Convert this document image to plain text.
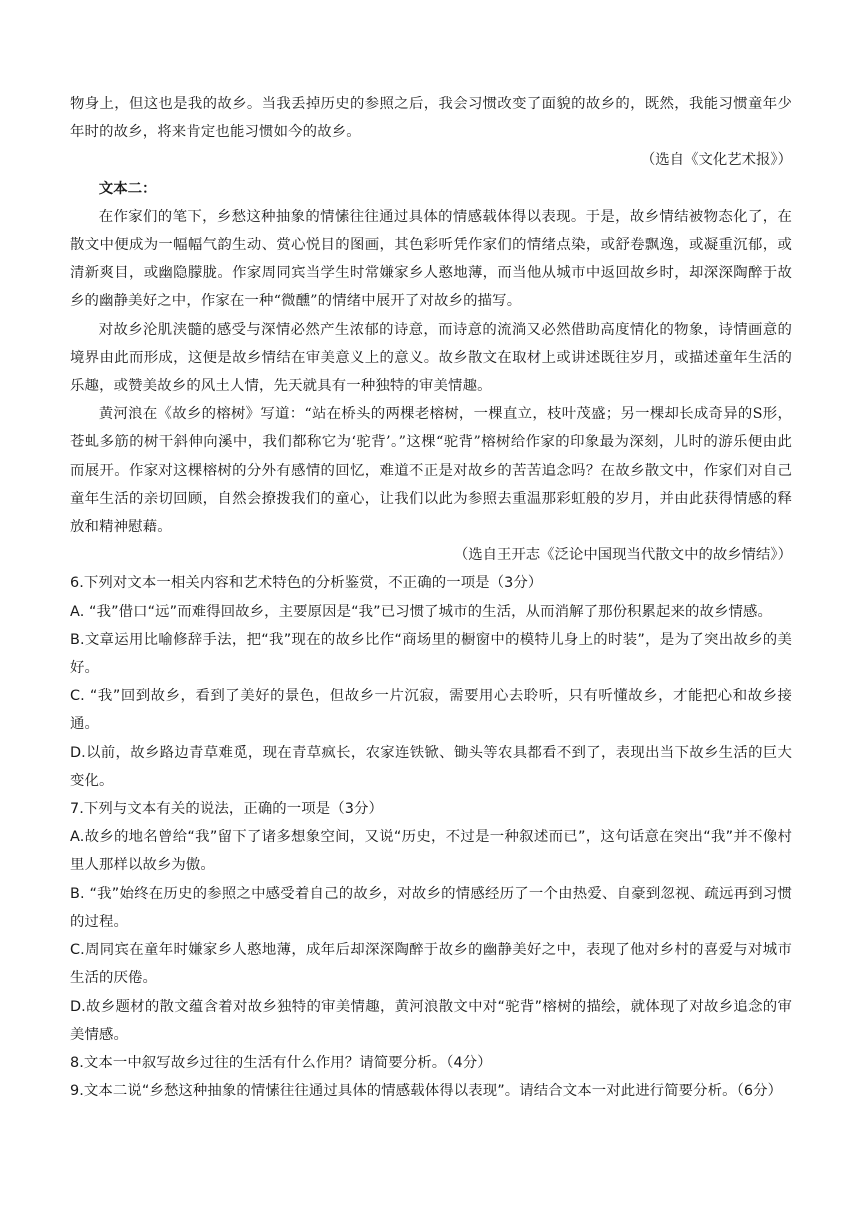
物身上，但这也是我的故乡。当我丢掉历史的参照之后，我会习惯改变了面貌的故乡的，既然，我能习惯童年少年时的故乡，将来肯定也能习惯如今的故乡。

（选自《文化艺术报》）

文本二：

在作家们的笔下，乡愁这种抽象的情愫往往通过具体的情感载体得以表现。于是，故乡情结被物态化了，在散文中便成为一幅幅气韵生动、赏心悦目的图画，其色彩听凭作家们的情绪点染，或舒卷飘逸，或凝重沉郁，或清新爽目，或幽隐朦胧。作家周同宾当学生时常嫌家乡人憨地薄，而当他从城市中返回故乡时，却深深陶醉于故乡的幽静美好之中，作家在一种“微醺”的情绪中展开了对故乡的描写。

对故乡沦肌浃髓的感受与深情必然产生浓郁的诗意，而诗意的流淌又必然借助高度情化的物象，诗情画意的境界由此而形成，这便是故乡情结在审美意义上的意义。故乡散文在取材上或讲述既往岁月，或描述童年生活的乐趣，或赞美故乡的风土人情，先天就具有一种独特的审美情趣。

黄河浪在《故乡的榕树》写道：“站在桥头的两棵老榕树，一棵直立，枝叶茂盛；另一棵却长成奇异的S形，苍虬多筋的树干斜伸向溪中，我们都称它为‘驼背’。”这棵“驼背”榕树给作家的印象最为深刻，儿时的游乐便由此而展开。作家对这棵榕树的分外有感情的回忆，难道不正是对故乡的苦苦追念吗？在故乡散文中，作家们对自己童年生活的亲切回顾，自然会撩拨我们的童心，让我们以此为参照去重温那彩虹般的岁月，并由此获得情感的释放和精神慰藉。

（选自王开志《泛论中国现当代散文中的故乡情结》）

6.下列对文本一相关内容和艺术特色的分析鉴赏，不正确的一项是（3分）

A. “我”借口“远”而难得回故乡，主要原因是“我”已习惯了城市的生活，从而消解了那份积累起来的故乡情感。

B.文章运用比喻修辞手法，把“我”现在的故乡比作“商场里的橱窗中的模特儿身上的时装”，是为了突出故乡的美好。

C. “我”回到故乡，看到了美好的景色，但故乡一片沉寂，需要用心去聆听，只有听懂故乡，才能把心和故乡接通。

D.以前，故乡路边青草难觅，现在青草疯长，农家连铁锨、锄头等农具都看不到了，表现出当下故乡生活的巨大变化。

7.下列与文本有关的说法，正确的一项是（3分）

A.故乡的地名曾给“我”留下了诸多想象空间，又说“历史，不过是一种叙述而已”，这句话意在突出“我”并不像村里人那样以故乡为傲。

B. “我”始终在历史的参照之中感受着自己的故乡，对故乡的情感经历了一个由热爱、自豪到忽视、疏远再到习惯的过程。

C.周同宾在童年时嫌家乡人憨地薄，成年后却深深陶醉于故乡的幽静美好之中，表现了他对乡村的喜爱与对城市生活的厌倦。

D.故乡题材的散文蕴含着对故乡独特的审美情趣，黄河浪散文中对“驼背”榕树的描绘，就体现了对故乡追念的审美情感。

8.文本一中叙写故乡过往的生活有什么作用？请简要分析。（4分）

9.文本二说“乡愁这种抽象的情愫往往通过具体的情感载体得以表现”。请结合文本一对此进行简要分析。（6分）
